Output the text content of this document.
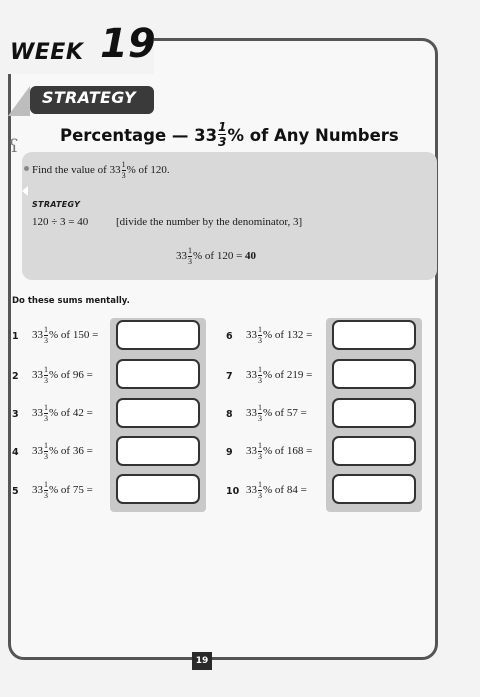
WEEK 19
STRATEGY
Percentage — $33 \frac{1}{3}$ % of Any Numbers
ʕ
Find the value of $33 \frac{1}{3}$ % of 120.
STRATEGY
120 ÷ 3 = 40	[divide the number by the denominator, 3]
$33 \frac{1}{3}$ % of 120 = 40
Do these sums mentally.
1 $33 \frac{1}{3}$ % of 150 =
2 $33 \frac{1}{3}$ % of 96 =
3 $33 \frac{1}{3}$ % of 42 =
4 $33 \frac{1}{3}$ % of 36 =
5 $33 \frac{1}{3}$ % of 75 =
6 $33 \frac{1}{3}$ % of 132 =
7 $33 \frac{1}{3}$ % of 219 =
8 $33 \frac{1}{3}$ % of 57 =
9 $33 \frac{1}{3}$ % of 168 =
10 $33 \frac{1}{3}$ % of 84 =
19
